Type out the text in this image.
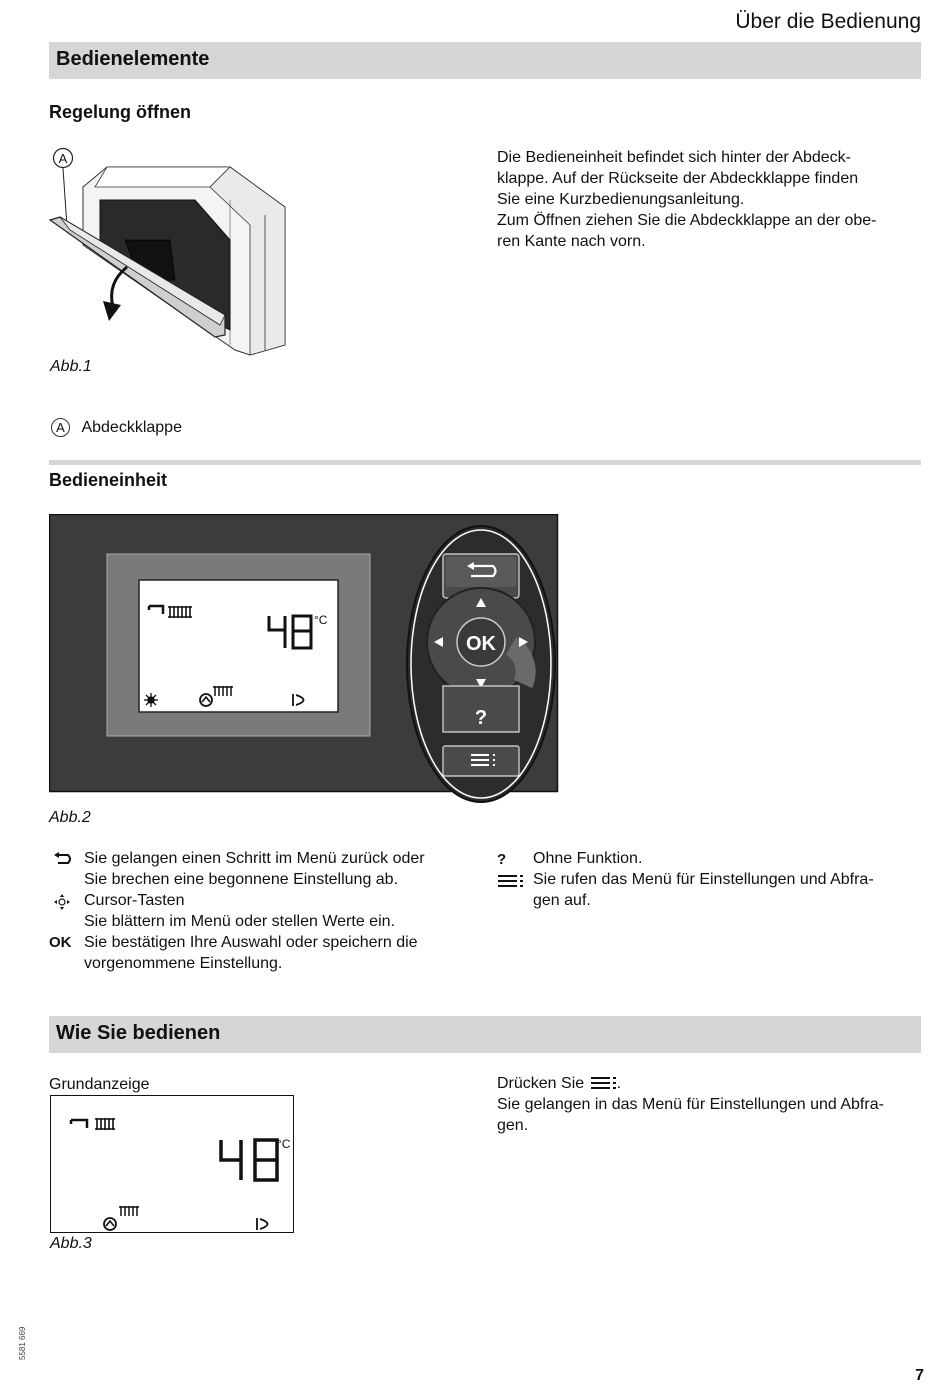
Über die Bedienung
Bedienelemente
Regelung öffnen
A	Die Bedieneinheit befindet sich hinter der Abdeck-
klappe. Auf der Rückseite der Abdeckklappe finden
Sie eine Kurzbedienungsanleitung.
Zum Öffnen ziehen Sie die Abdeckklappe an der obe-
ren Kante nach vorn.
Abb.1
A Abdeckklappe
Bedieneinheit
°C
OK
?
Abb.2
Sie gelangen einen Schritt im Menü zurück oder
Sie brechen eine begonnene Einstellung ab.
Cursor-Tasten
Sie blättern im Menü oder stellen Werte ein.
OK Sie bestätigen Ihre Auswahl oder speichern die
vorgenommene Einstellung.
?	Ohne Funktion.
Sie rufen das Menü für Einstellungen und Abfra-
gen auf.
Wie Sie bedienen
Grundanzeige
°C
Abb.3
Drücken Sie .
Sie gelangen in das Menü für Einstellungen und Abfra-
gen.
5581 669
7
